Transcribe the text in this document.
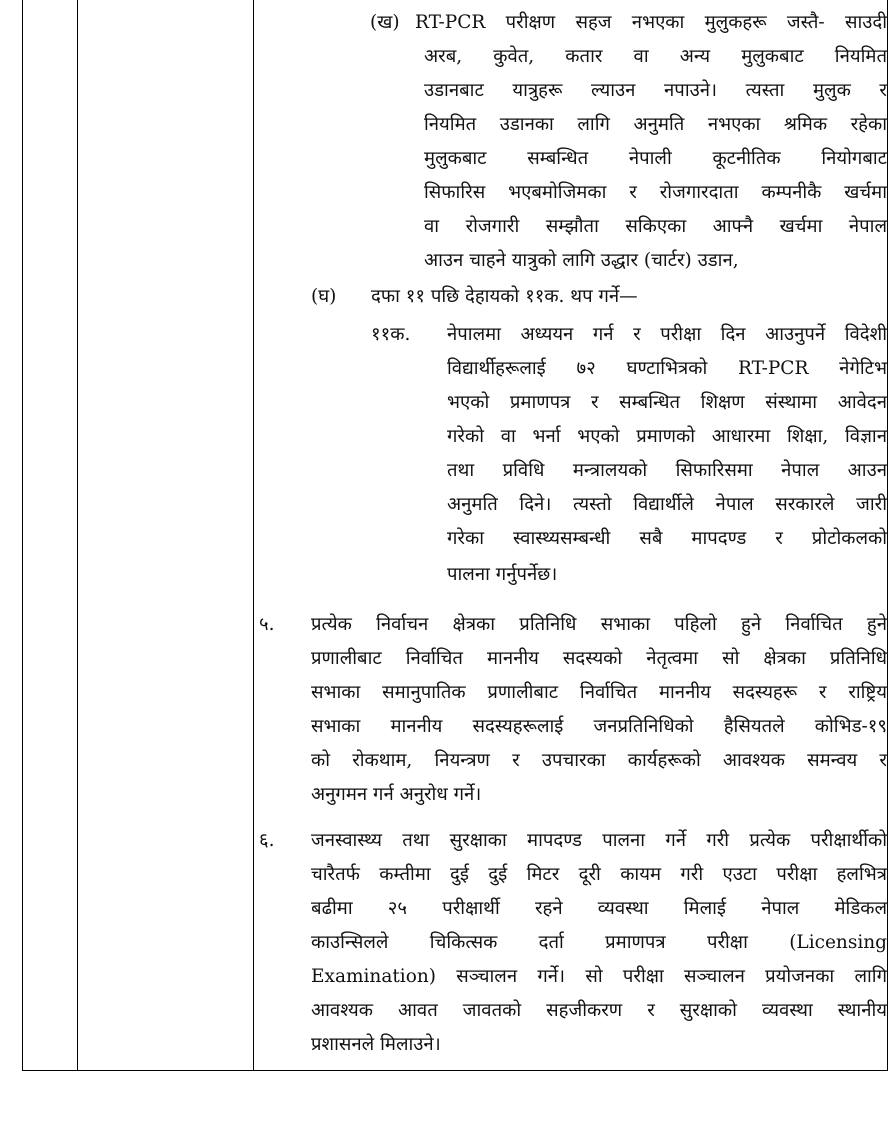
(ख) RT-PCR परीक्षण सहज नभएका मुलुकहरू जस्तै- साउदी
अरब, कुवेत, कतार वा अन्य मुलुकबाट नियमित
उडानबाट यात्रुहरू ल्याउन नपाउने। त्यस्ता मुलुक र
नियमित उडानका लागि अनुमति नभएका श्रमिक रहेका
मुलुकबाट सम्बन्धित नेपाली कूटनीतिक नियोगबाट
सिफारिस भएबमोजिमका र रोजगारदाता कम्पनीकै खर्चमा
वा रोजगारी सम्झौता सकिएका आफ्नै खर्चमा नेपाल
आउन चाहने यात्रुको लागि उद्धार (चार्टर) उडान,
(घ) दफा ११ पछि देहायको ११क. थप गर्ने—
११क. नेपालमा अध्ययन गर्न र परीक्षा दिन आउनुपर्ने विदेशी
विद्यार्थीहरूलाई ७२ घण्टाभित्रको RT-PCR नेगेटिभ
भएको प्रमाणपत्र र सम्बन्धित शिक्षण संस्थामा आवेदन
गरेको वा भर्ना भएको प्रमाणको आधारमा शिक्षा, विज्ञान
तथा प्रविधि मन्त्रालयको सिफारिसमा नेपाल आउन
अनुमति दिने। त्यस्तो विद्यार्थीले नेपाल सरकारले जारी
गरेका स्वास्थ्यसम्बन्धी सबै मापदण्ड र प्रोटोकलको
पालना गर्नुपर्नेछ।
५. प्रत्येक निर्वाचन क्षेत्रका प्रतिनिधि सभाका पहिलो हुने निर्वाचित हुने
प्रणालीबाट निर्वाचित माननीय सदस्यको नेतृत्वमा सो क्षेत्रका प्रतिनिधि
सभाका समानुपातिक प्रणालीबाट निर्वाचित माननीय सदस्यहरू र राष्ट्रिय
सभाका माननीय सदस्यहरूलाई जनप्रतिनिधिको हैसियतले कोभिड-१९
को रोकथाम, नियन्त्रण र उपचारका कार्यहरूको आवश्यक समन्वय र
अनुगमन गर्न अनुरोध गर्ने।
६. जनस्वास्थ्य तथा सुरक्षाका मापदण्ड पालना गर्ने गरी प्रत्येक परीक्षार्थीको
चारैतर्फ कम्तीमा दुई दुई मिटर दूरी कायम गरी एउटा परीक्षा हलभित्र
बढीमा २५ परीक्षार्थी रहने व्यवस्था मिलाई नेपाल मेडिकल
काउन्सिलले चिकित्सक दर्ता प्रमाणपत्र परीक्षा (Licensing
Examination) सञ्चालन गर्ने। सो परीक्षा सञ्चालन प्रयोजनका लागि
आवश्यक आवत जावतको सहजीकरण र सुरक्षाको व्यवस्था स्थानीय
प्रशासनले मिलाउने।
